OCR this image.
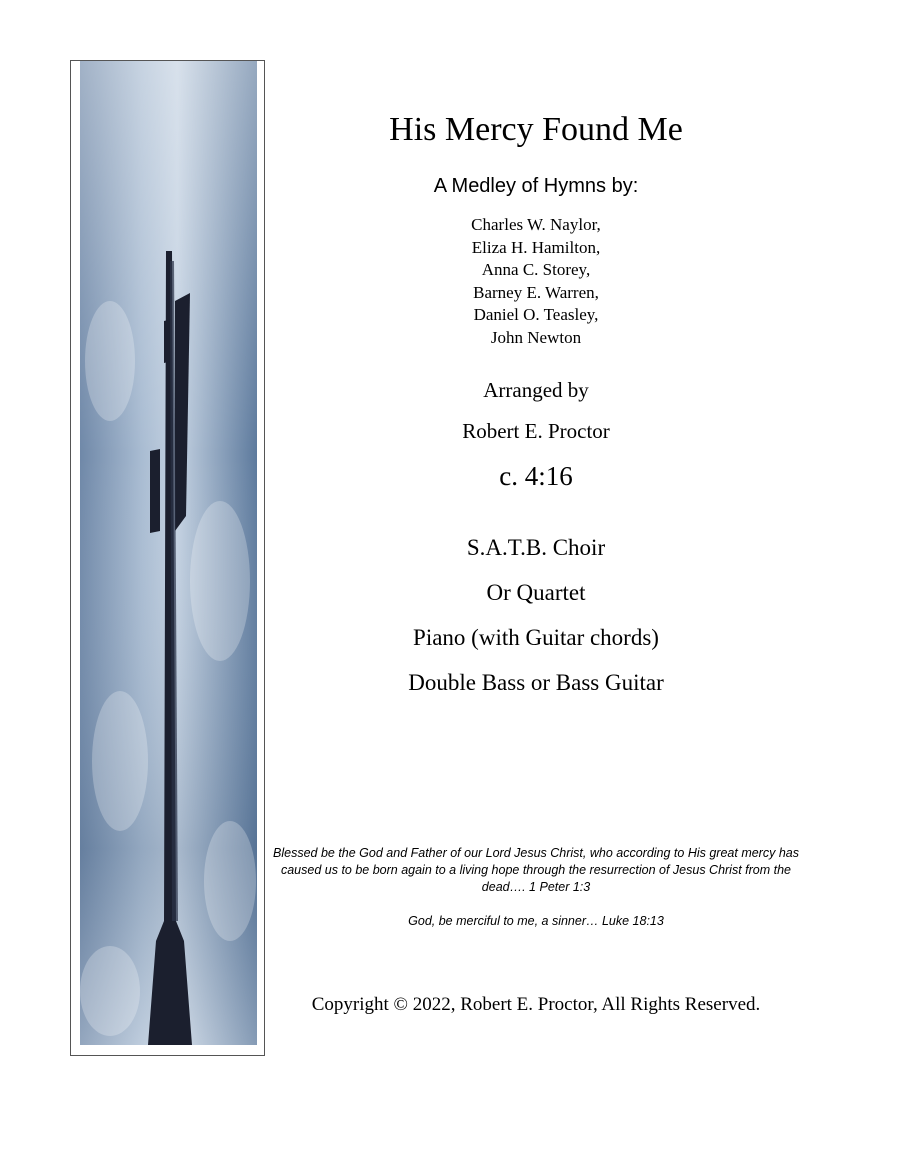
His Mercy Found Me
A Medley of Hymns by:
Charles W. Naylor,
Eliza H. Hamilton,
Anna C. Storey,
Barney E. Warren,
Daniel O. Teasley,
John Newton
Arranged by
Robert E. Proctor
c. 4:16
S.A.T.B. Choir
Or Quartet
Piano (with Guitar chords)
Double Bass or Bass Guitar
Blessed be the God and Father of our Lord Jesus Christ, who according to His great mercy has caused us to be born again to a living hope through the resurrection of Jesus Christ from the dead…. 1 Peter 1:3
God, be merciful to me, a sinner… Luke 18:13
Copyright © 2022, Robert E. Proctor, All Rights Reserved.
